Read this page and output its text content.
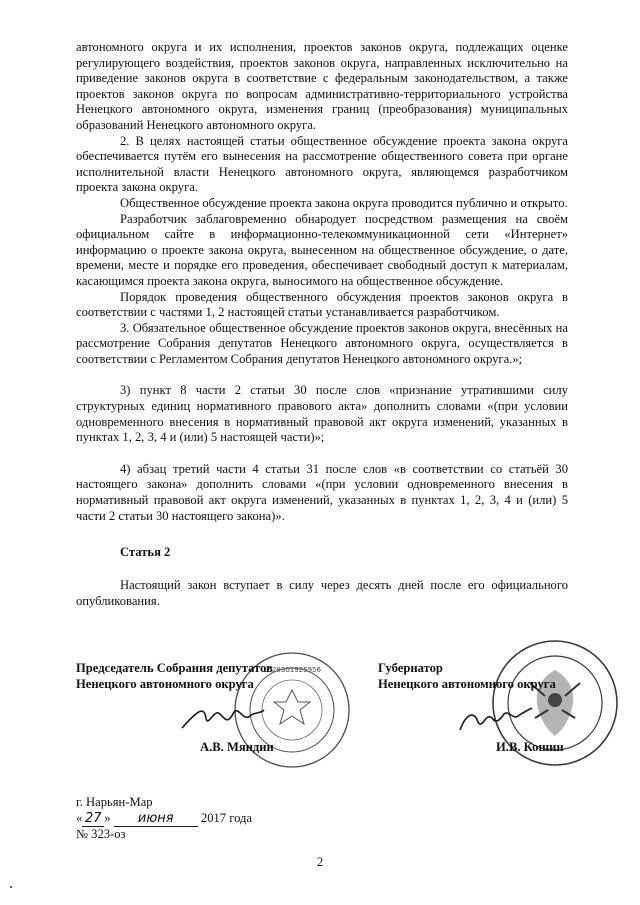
автономного округа и их исполнения, проектов законов округа, подлежащих оценке регулирующего воздействия, проектов законов округа, направленных исключительно на приведение законов округа в соответствие с федеральным законодательством, а также проектов законов округа по вопросам административно-территориального устройства Ненецкого автономного округа, изменения границ (преобразования) муниципальных образований Ненецкого автономного округа.

2. В целях настоящей статьи общественное обсуждение проекта закона округа обеспечивается путём его вынесения на рассмотрение общественного совета при органе исполнительной власти Ненецкого автономного округа, являющемся разработчиком проекта закона округа.

Общественное обсуждение проекта закона округа проводится публично и открыто.

Разработчик заблаговременно обнародует посредством размещения на своём официальном сайте в информационно-телекоммуникационной сети «Интернет» информацию о проекте закона округа, вынесенном на общественное обсуждение, о дате, времени, месте и порядке его проведения, обеспечивает свободный доступ к материалам, касающимся проекта закона округа, выносимого на общественное обсуждение.

Порядок проведения общественного обсуждения проектов законов округа в соответствии с частями 1, 2 настоящей статьи устанавливается разработчиком.

3. Обязательное общественное обсуждение проектов законов округа, внесённых на рассмотрение Собрания депутатов Ненецкого автономного округа, осуществляется в соответствии с Регламентом Собрания депутатов Ненецкого автономного округа.»;

3) пункт 8 части 2 статьи 30 после слов «признание утратившими силу структурных единиц нормативного правового акта» дополнить словами «(при условии одновременного внесения в нормативный правовой акт округа изменений, указанных в пунктах 1, 2, 3, 4 и (или) 5 настоящей части)»;

4) абзац третий части 4 статьи 31 после слов «в соответствии со статьёй 30 настоящего закона» дополнить словами «(при условии одновременного внесения в нормативный правовой акт округа изменений, указанных в пунктах 1, 2, 3, 4 и (или) 5 части 2 статьи 30 настоящего закона)».

Статья 2
Настоящий закон вступает в силу через десять дней после его официального опубликования.
1028301925956
Председатель Собрания депутатов
Ненецкого автономного округа
Губернатор
Ненецкого автономного округа
А.В. Мяндин	И.В. Кошин
г. Нарьян-Мар
« 27 » июня 2017 года
№ 323-оз
2
